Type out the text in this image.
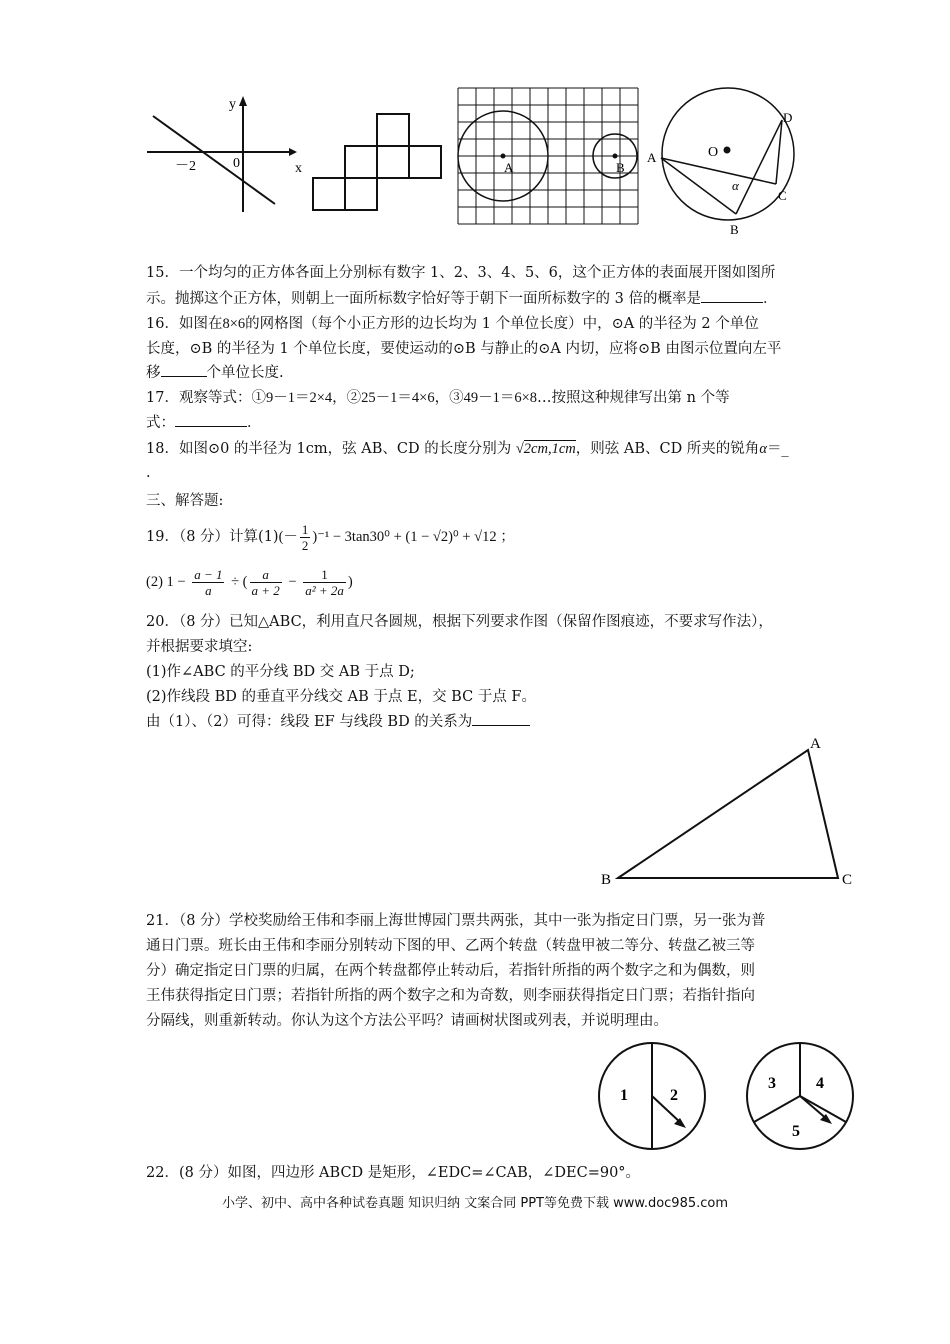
y
x
0
－2	A	B
O
A
B
C
D
α
15．一个均匀的正方体各面上分别标有数字 1、2、3、4、5、6，这个正方体的表面展开图如图所
示。抛掷这个正方体，则朝上一面所标数字恰好等于朝下一面所标数字的 3 倍的概率是	．
16．如图在8×6的网格图（每个小正方形的边长均为 1 个单位长度）中，⊙A 的半径为 2 个单位
长度，⊙B 的半径为 1 个单位长度，要使运动的⊙B 与静止的⊙A 内切，应将⊙B 由图示位置向左平
移	个单位长度.
17．观察等式：①9－1＝2×4，②25－1＝4×6，③49－1＝6×8…按照这种规律写出第 n 个等
式：	．
18．如图⊙0 的半径为 1cm，弦 AB、CD 的长度分别为 √2cm,1cm，则弦 AB、CD 所夹的锐角α＝_
.
三、解答题:
19．（8 分）计算$(1)(- \frac{1}{2} )^{-1} - 3\tan 30^0 + (1 - √2)^0 + √12$ ；
(2) $1 - \frac{a - 1}{a}$ ÷ ( $\frac{a}{a + 2} - \frac{1}{\text{a² + 2a}}$ )
20．（8 分）已知△ABC，利用直尺各圆规，根据下列要求作图（保留作图痕迹，不要求写作法），
并根据要求填空:
(1)作∠ABC 的平分线 BD 交 AB 于点 D;
(2)作线段 BD 的垂直平分线交 AB 于点 E，交 BC 于点 F。
由（1）、（2）可得：线段 EF 与线段 BD 的关系为
A
B	C
21．（8 分）学校奖励给王伟和李丽上海世博园门票共两张，其中一张为指定日门票，另一张为普
通日门票。班长由王伟和李丽分别转动下图的甲、乙两个转盘（转盘甲被二等分、转盘乙被三等
分）确定指定日门票的归属，在两个转盘都停止转动后，若指针所指的两个数字之和为偶数，则
王伟获得指定日门票；若指针所指的两个数字之和为奇数，则李丽获得指定日门票；若指针指向
分隔线，则重新转动。你认为这个方法公平吗？请画树状图或列表，并说明理由。
1	2
3	4
5
22．(8 分）如图，四边形 ABCD 是矩形，∠EDC=∠CAB，∠DEC=90°。
小学、初中、高中各种试卷真题 知识归纳 文案合同 PPT等免费下载 www.doc985.com
